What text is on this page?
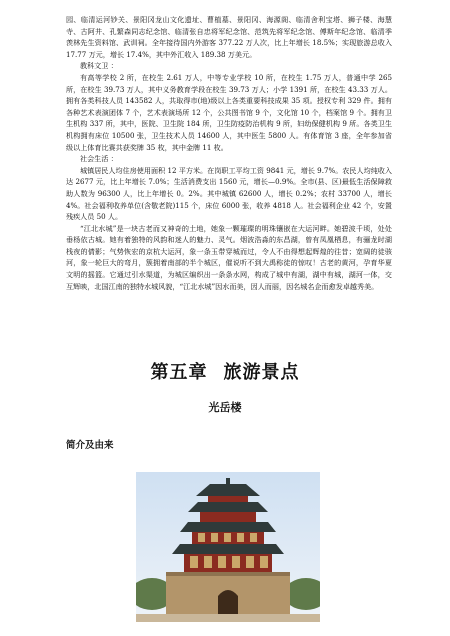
园、临清运河钞关、景阳冈龙山文化遗址、曹植墓、景阳冈、海源阁、临清舍利宝塔、狮子楼、海慧寺、古阿井、孔繁森同志纪念馆、临清张自忠将军纪念馆、范筑先将军纪念馆、傅斯年纪念馆、临清季羡林先生资料馆、武训祠。全年接待国内外游客 377.22 万人次，比上年增长 18.5%；实现旅游总收入 17.77 万元，增长 17.4%，其中外汇收入 189.38 万美元。

教科文卫 ：

有高等学校 2 所，在校生 2.61 万人，中等专业学校 10 所，在校生 1.75 万人，普通中学 265 所，在校生 39.73 万人，其中义务教育学段在校生 39.73 万人；小学 1391 所，在校生 43.33 万人。拥有各类科技人员 143582 人，共取得市(地)级以上各类重要科技成果 35 项。授权专利 329 件。拥有各种艺术表演团体 7 个，艺术表演场所 12 个，公共图书馆 9 个，文化馆 10 个，档案馆 9 个。拥有卫生机构 337 所，其中，医院、卫生院 184 所，卫生防疫防治机构 9 所，妇幼保健机构 9 所。各类卫生机构拥有床位 10500 张，卫生技术人员 14600 人，其中医生 5800 人。有体育馆 3 座，全年参加省级以上体育比赛共获奖牌 35 枚，其中金牌 11 枚。

社会生活 ：

城镇居民人均住房使用面积 12 平方米。在岗职工平均工资 9841 元，增长 9.7%。农民人均纯收入达 2677 元，比上年增长 7.0%；生活消费支出 1560 元，增长—0.9%。全市(县、区)最低生活保障救助人数为 96300 人，比上年增长 0。2%。其中城镇 62600 人，增长 0.2%；农村 33700 人，增长 4%。社会福利收养单位(含敬老院)115 个，床位 6000 张，收养 4818 人。社会福利企业 42 个，安置残疾人员 50 人。

“江北水城”是一块古老而又神奇的土地，她象一颗璀璨的明珠镶嵌在大运河畔。她碧波千顷，处处垂杨依古城。她有着独特的风韵和迷人的魅力、灵气。烟波浩淼的东昌湖，曾有凤凰栖息，有骊龙时湖栈夜的倩影；气势恢宏的京杭大运河，象一条玉带穿城而过，令人不由得想起辉煌的往昔；宽阔的徒骇河，象一轮巨大的弯月，簇拥着南部的半个城区，催说听不到大禹称徒的惊叹！古老的黄河，孕育华夏文明的摇篮。它通过引水渠道，为城区编织出一条条水网，构成了城中有湖，湖中有城，湖河一体，交互辉映，北国江南的独特水城风貌，“江北水城”因水而美，因人而丽，因名城名企而愈发卓越秀美。

第五章 旅游景点
光岳楼
简介及由来
